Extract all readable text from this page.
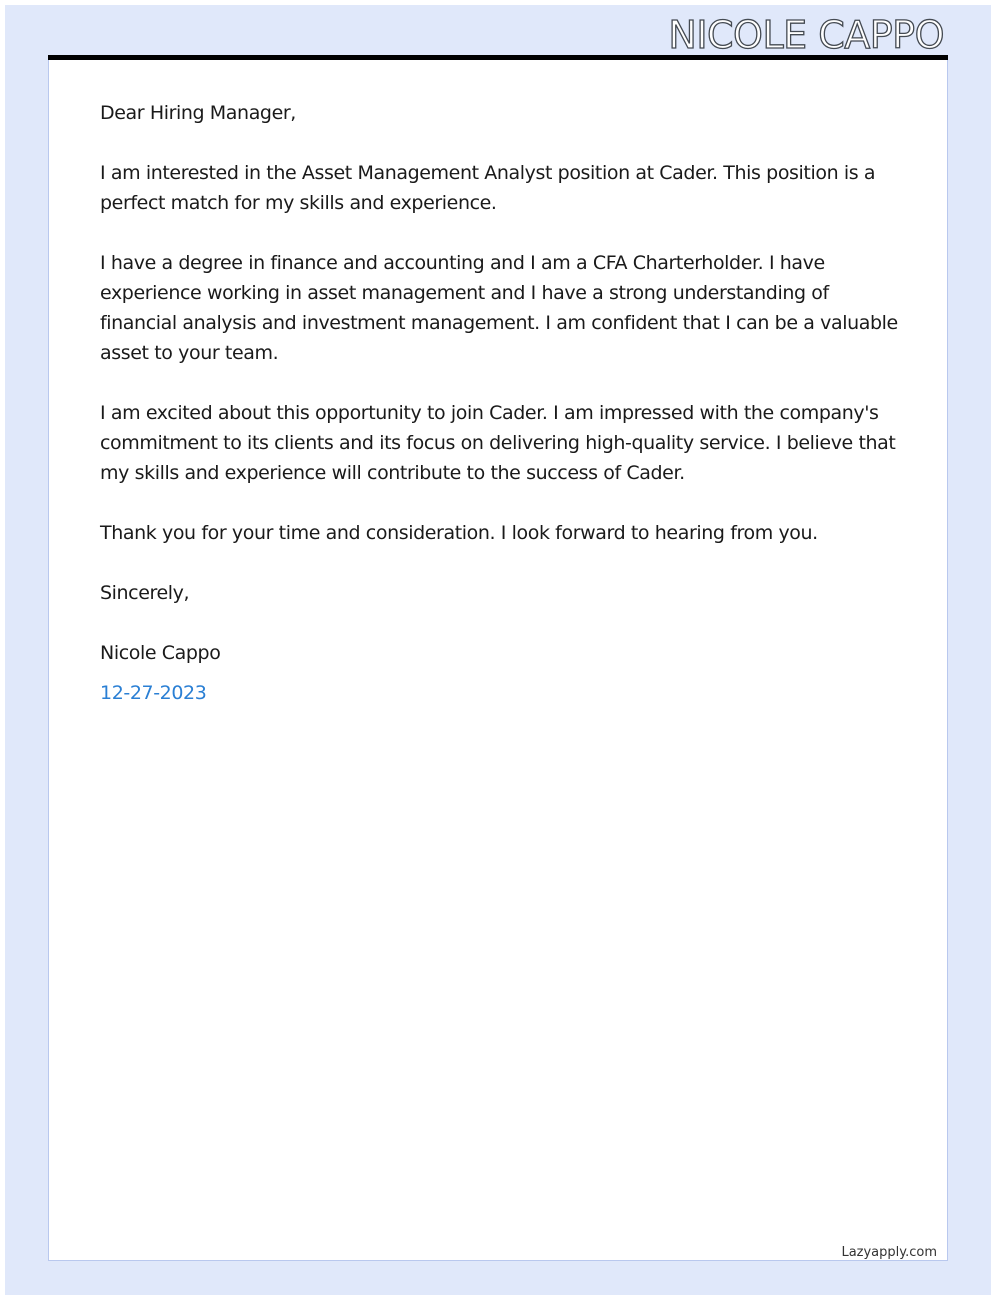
NICOLE CAPPO

Dear Hiring Manager,

I am interested in the Asset Management Analyst position at Cader. This position is a perfect match for my skills and experience.

I have a degree in finance and accounting and I am a CFA Charterholder. I have experience working in asset management and I have a strong understanding of financial analysis and investment management. I am confident that I can be a valuable asset to your team.

I am excited about this opportunity to join Cader. I am impressed with the company's commitment to its clients and its focus on delivering high-quality service. I believe that my skills and experience will contribute to the success of Cader.

Thank you for your time and consideration. I look forward to hearing from you.

Sincerely,

Nicole Cappo

12-27-2023

Lazyapply.com
